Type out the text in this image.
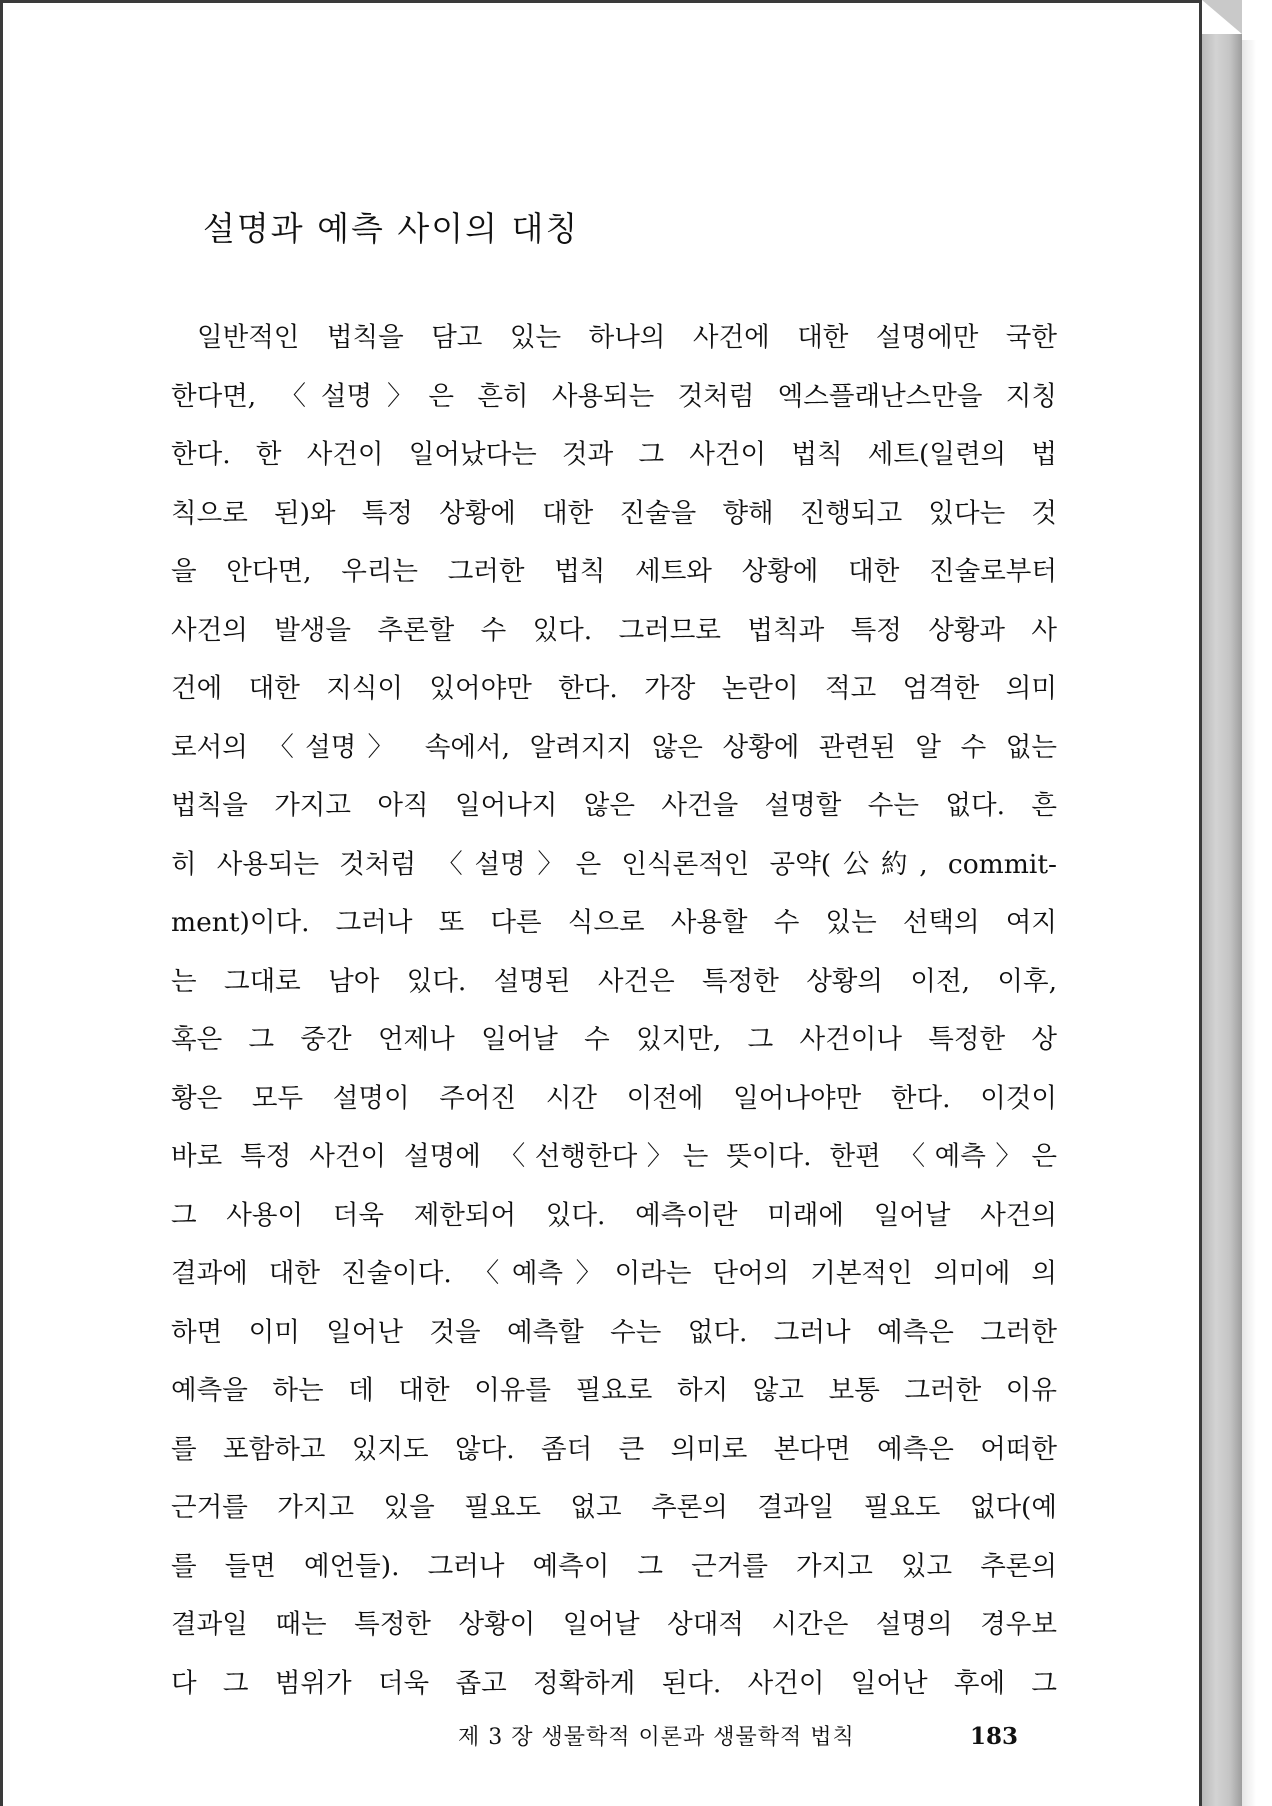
설명과 예측 사이의 대칭
일반적인 법칙을 담고 있는 하나의 사건에 대한 설명에만 국한
한다면, 〈설명〉은 흔히 사용되는 것처럼 엑스플래난스만을 지칭
한다. 한 사건이 일어났다는 것과 그 사건이 법칙 세트(일련의 법
칙으로 된)와 특정 상황에 대한 진술을 향해 진행되고 있다는 것
을 안다면, 우리는 그러한 법칙 세트와 상황에 대한 진술로부터
사건의 발생을 추론할 수 있다. 그러므로 법칙과 특정 상황과 사
건에 대한 지식이 있어야만 한다. 가장 논란이 적고 엄격한 의미
로서의 〈설명〉 속에서, 알려지지 않은 상황에 관련된 알 수 없는
법칙을 가지고 아직 일어나지 않은 사건을 설명할 수는 없다. 흔
히 사용되는 것처럼 〈설명〉은 인식론적인 공약(公約, commit-
ment)이다. 그러나 또 다른 식으로 사용할 수 있는 선택의 여지
는 그대로 남아 있다. 설명된 사건은 특정한 상황의 이전, 이후,
혹은 그 중간 언제나 일어날 수 있지만, 그 사건이나 특정한 상
황은 모두 설명이 주어진 시간 이전에 일어나야만 한다. 이것이
바로 특정 사건이 설명에 〈선행한다〉는 뜻이다. 한편 〈예측〉은
그 사용이 더욱 제한되어 있다. 예측이란 미래에 일어날 사건의
결과에 대한 진술이다. 〈예측〉이라는 단어의 기본적인 의미에 의
하면 이미 일어난 것을 예측할 수는 없다. 그러나 예측은 그러한
예측을 하는 데 대한 이유를 필요로 하지 않고 보통 그러한 이유
를 포함하고 있지도 않다. 좀더 큰 의미로 본다면 예측은 어떠한
근거를 가지고 있을 필요도 없고 추론의 결과일 필요도 없다(예
를 들면 예언들). 그러나 예측이 그 근거를 가지고 있고 추론의
결과일 때는 특정한 상황이 일어날 상대적 시간은 설명의 경우보
다 그 범위가 더욱 좁고 정확하게 된다. 사건이 일어난 후에 그
제 3 장 생물학적 이론과 생물학적 법칙	183
